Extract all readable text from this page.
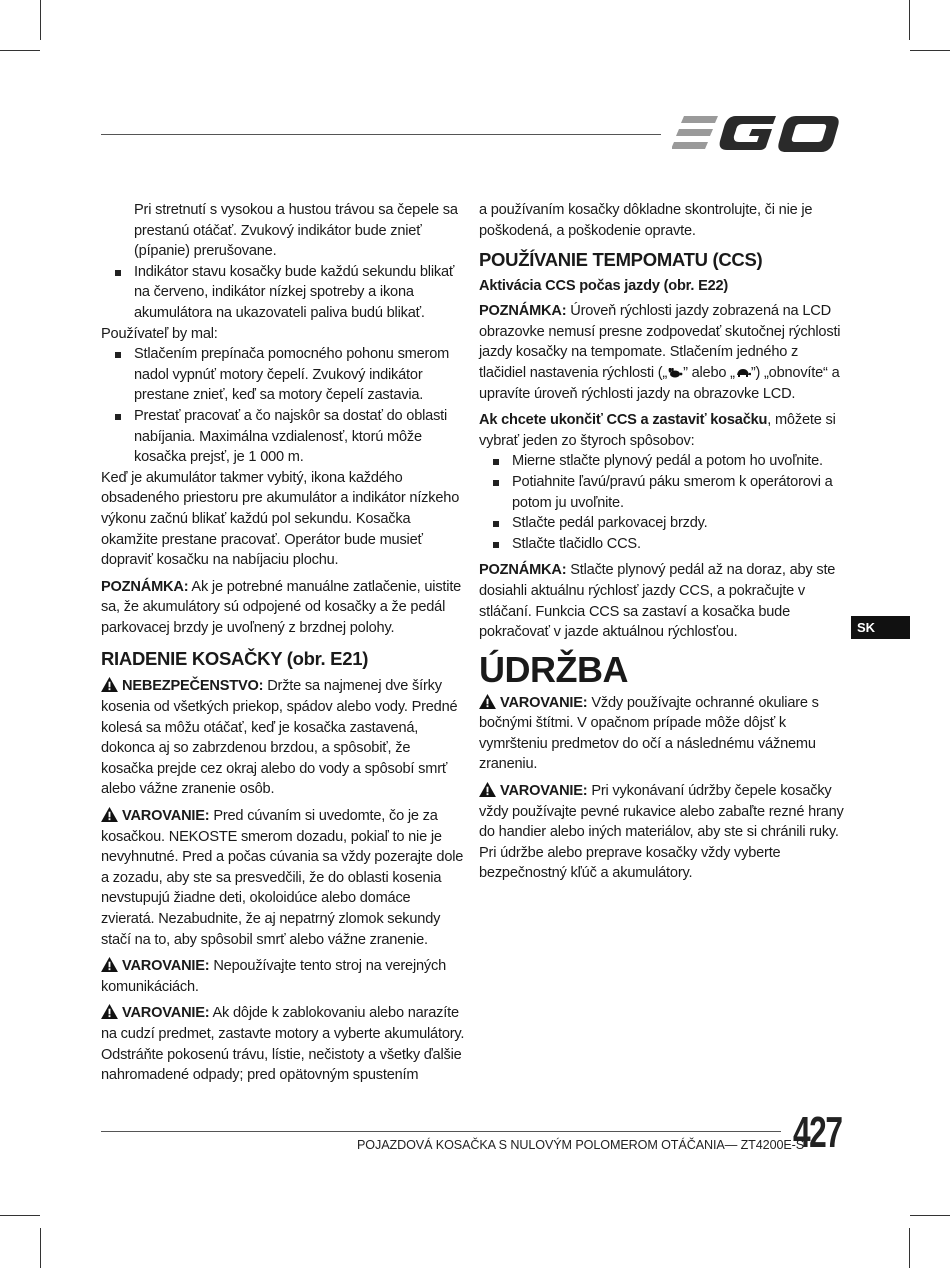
Pri stretnutí s vysokou a hustou trávou sa čepele sa prestanú otáčať. Zvukový indikátor bude znieť (pípanie) prerušovane.

Indikátor stavu kosačky bude každú sekundu blikať na červeno, indikátor nízkej spotreby a ikona akumulátora na ukazovateli paliva budú blikať.

Používateľ by mal:

Stlačením prepínača pomocného pohonu smerom nadol vypnúť motory čepelí. Zvukový indikátor prestane znieť, keď sa motory čepelí zastavia.
Prestať pracovať a čo najskôr sa dostať do oblasti nabíjania. Maximálna vzdialenosť, ktorú môže kosačka prejsť, je 1 000 m.

Keď je akumulátor takmer vybitý, ikona každého obsadeného priestoru pre akumulátor a indikátor nízkeho výkonu začnú blikať každú pol sekundu. Kosačka okamžite prestane pracovať. Operátor bude musieť dopraviť kosačku na nabíjaciu plochu.

POZNÁMKA: Ak je potrebné manuálne zatlačenie, uistite sa, že akumulátory sú odpojené od kosačky a že pedál parkovacej brzdy je uvoľnený z brzdnej polohy.

RIADENIE KOSAČKY (obr. E21)

NEBEZPEČENSTVO: Držte sa najmenej dve šírky kosenia od všetkých priekop, spádov alebo vody. Predné kolesá sa môžu otáčať, keď je kosačka zastavená, dokonca aj so zabrzdenou brzdou, a spôsobiť, že kosačka prejde cez okraj alebo do vody a spôsobí smrť alebo vážne zranenie osôb.

VAROVANIE: Pred cúvaním si uvedomte, čo je za kosačkou. NEKOSTE smerom dozadu, pokiaľ to nie je nevyhnutné. Pred a počas cúvania sa vždy pozerajte dole a zozadu, aby ste sa presvedčili, že do oblasti kosenia nevstupujú žiadne deti, okoloidúce alebo domáce zvieratá. Nezabudnite, že aj nepatrný zlomok sekundy stačí na to, aby spôsobil smrť alebo vážne zranenie.

VAROVANIE: Nepoužívajte tento stroj na verejných komunikáciách.

VAROVANIE: Ak dôjde k zablokovaniu alebo narazíte na cudzí predmet, zastavte motory a vyberte akumulátory. Odstráňte pokosenú trávu, lístie, nečistoty a všetky ďalšie nahromadené odpady; pred opätovným spustením

a používaním kosačky dôkladne skontrolujte, či nie je poškodená, a poškodenie opravte.

POUŽÍVANIE TEMPOMATU (CCS)
Aktivácia CCS počas jazdy (obr. E22)

POZNÁMKA: Úroveň rýchlosti jazdy zobrazená na LCD obrazovke nemusí presne zodpovedať skutočnej rýchlosti jazdy kosačky na tempomate. Stlačením jedného z tlačidiel nastavenia rýchlosti („ ” alebo „ ”) „obnovíte“ a upravíte úroveň rýchlosti jazdy na obrazovke LCD.

Ak chcete ukončiť CCS a zastaviť kosačku, môžete si vybrať jeden zo štyroch spôsobov:

Mierne stlačte plynový pedál a potom ho uvoľnite.
Potiahnite ľavú/pravú páku smerom k operátorovi a potom ju uvoľnite.
Stlačte pedál parkovacej brzdy.
Stlačte tlačidlo CCS.

POZNÁMKA: Stlačte plynový pedál až na doraz, aby ste dosiahli aktuálnu rýchlosť jazdy CCS, a pokračujte v stláčaní. Funkcia CCS sa zastaví a kosačka bude pokračovať v jazde aktuálnou rýchlosťou.

ÚDRŽBA

VAROVANIE: Vždy používajte ochranné okuliare s bočnými štítmi. V opačnom prípade môže dôjsť k vymršteniu predmetov do očí a následnému vážnemu zraneniu.

VAROVANIE: Pri vykonávaní údržby čepele kosačky vždy používajte pevné rukavice alebo zabaľte rezné hrany do handier alebo iných materiálov, aby ste si chránili ruky. Pri údržbe alebo preprave kosačky vždy vyberte bezpečnostný kľúč a akumulátory.

SK
POJAZDOVÁ KOSAČKA S NULOVÝM POLOMEROM OTÁČANIA— ZT4200E-S
427
